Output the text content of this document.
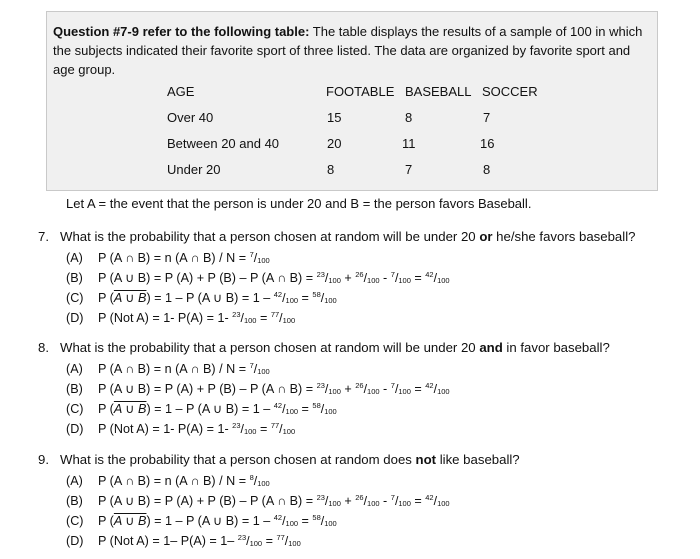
Question #7-9 refer to the following table: The table displays the results of a sample of 100 in which the subjects indicated their favorite sport of three listed. The data are organized by favorite sport and age group.
AGE	FOOTABLE BASEBALL SOCCER
Over 40	15	8	7
Between 20 and 40	20	11	16
Under 20	8	7	8
Let A = the event that the person is under 20 and B = the person favors Baseball.
7. What is the probability that a person chosen at random will be under 20 or he/she favors baseball?
(A) P (A ∩ B) = n (A ∩ $B) / N = ^7/_{100}$
(B) P (A ∪ B) = P (A) + P (B) – P (A ∩ $B) = ^{23}/_{100} + ^{26}/_{100} - ^7/_{100} = ^{42}/_{100}$
(C) P (A ∪ B) = 1 – P (A ∪ $B) = 1 - ^{42}/_{100} = ^{58}/_{100}$
(D) P (Not A) = 1- P(A) = 1- $^{23}/_{100} = ^{77}/_{100}$
8. What is the probability that a person chosen at random will be under 20 and in favor baseball?
(A) P (A ∩ B) = n (A ∩ $B) / N = ^7/_{100}$
(B) P (A ∪ B) = P (A) + P (B) – P (A ∩ $B) = ^{23}/_{100} + ^{26}/_{100} - ^7/_{100} = ^{42}/_{100}$
(C) P (A ∪ B) = 1 – P (A ∪ $B) = 1 - ^{42}/_{100} = ^{58}/_{100}$
(D) P (Not A) = 1- P(A) = 1- $^{23}/_{100} = ^{77}/_{100}$
9. What is the probability that a person chosen at random does not like baseball?
(A) P (A ∩ B) = n (A ∩ $B) / N = ^8/_{100}$
(B) P (A ∪ B) = P (A) + P (B) – P (A ∩ $B) = ^{23}/_{100} + ^{26}/_{100} - ^7/_{100} = ^{42}/_{100}$
(C) P (A ∪ B) = 1 – P (A ∪ $B) = 1 - ^{42}/_{100} = ^{58}/_{100}$
(D) P (Not A) = 1– P(A) = 1– $^{23}/_{100} = ^{77}/_{100}$
